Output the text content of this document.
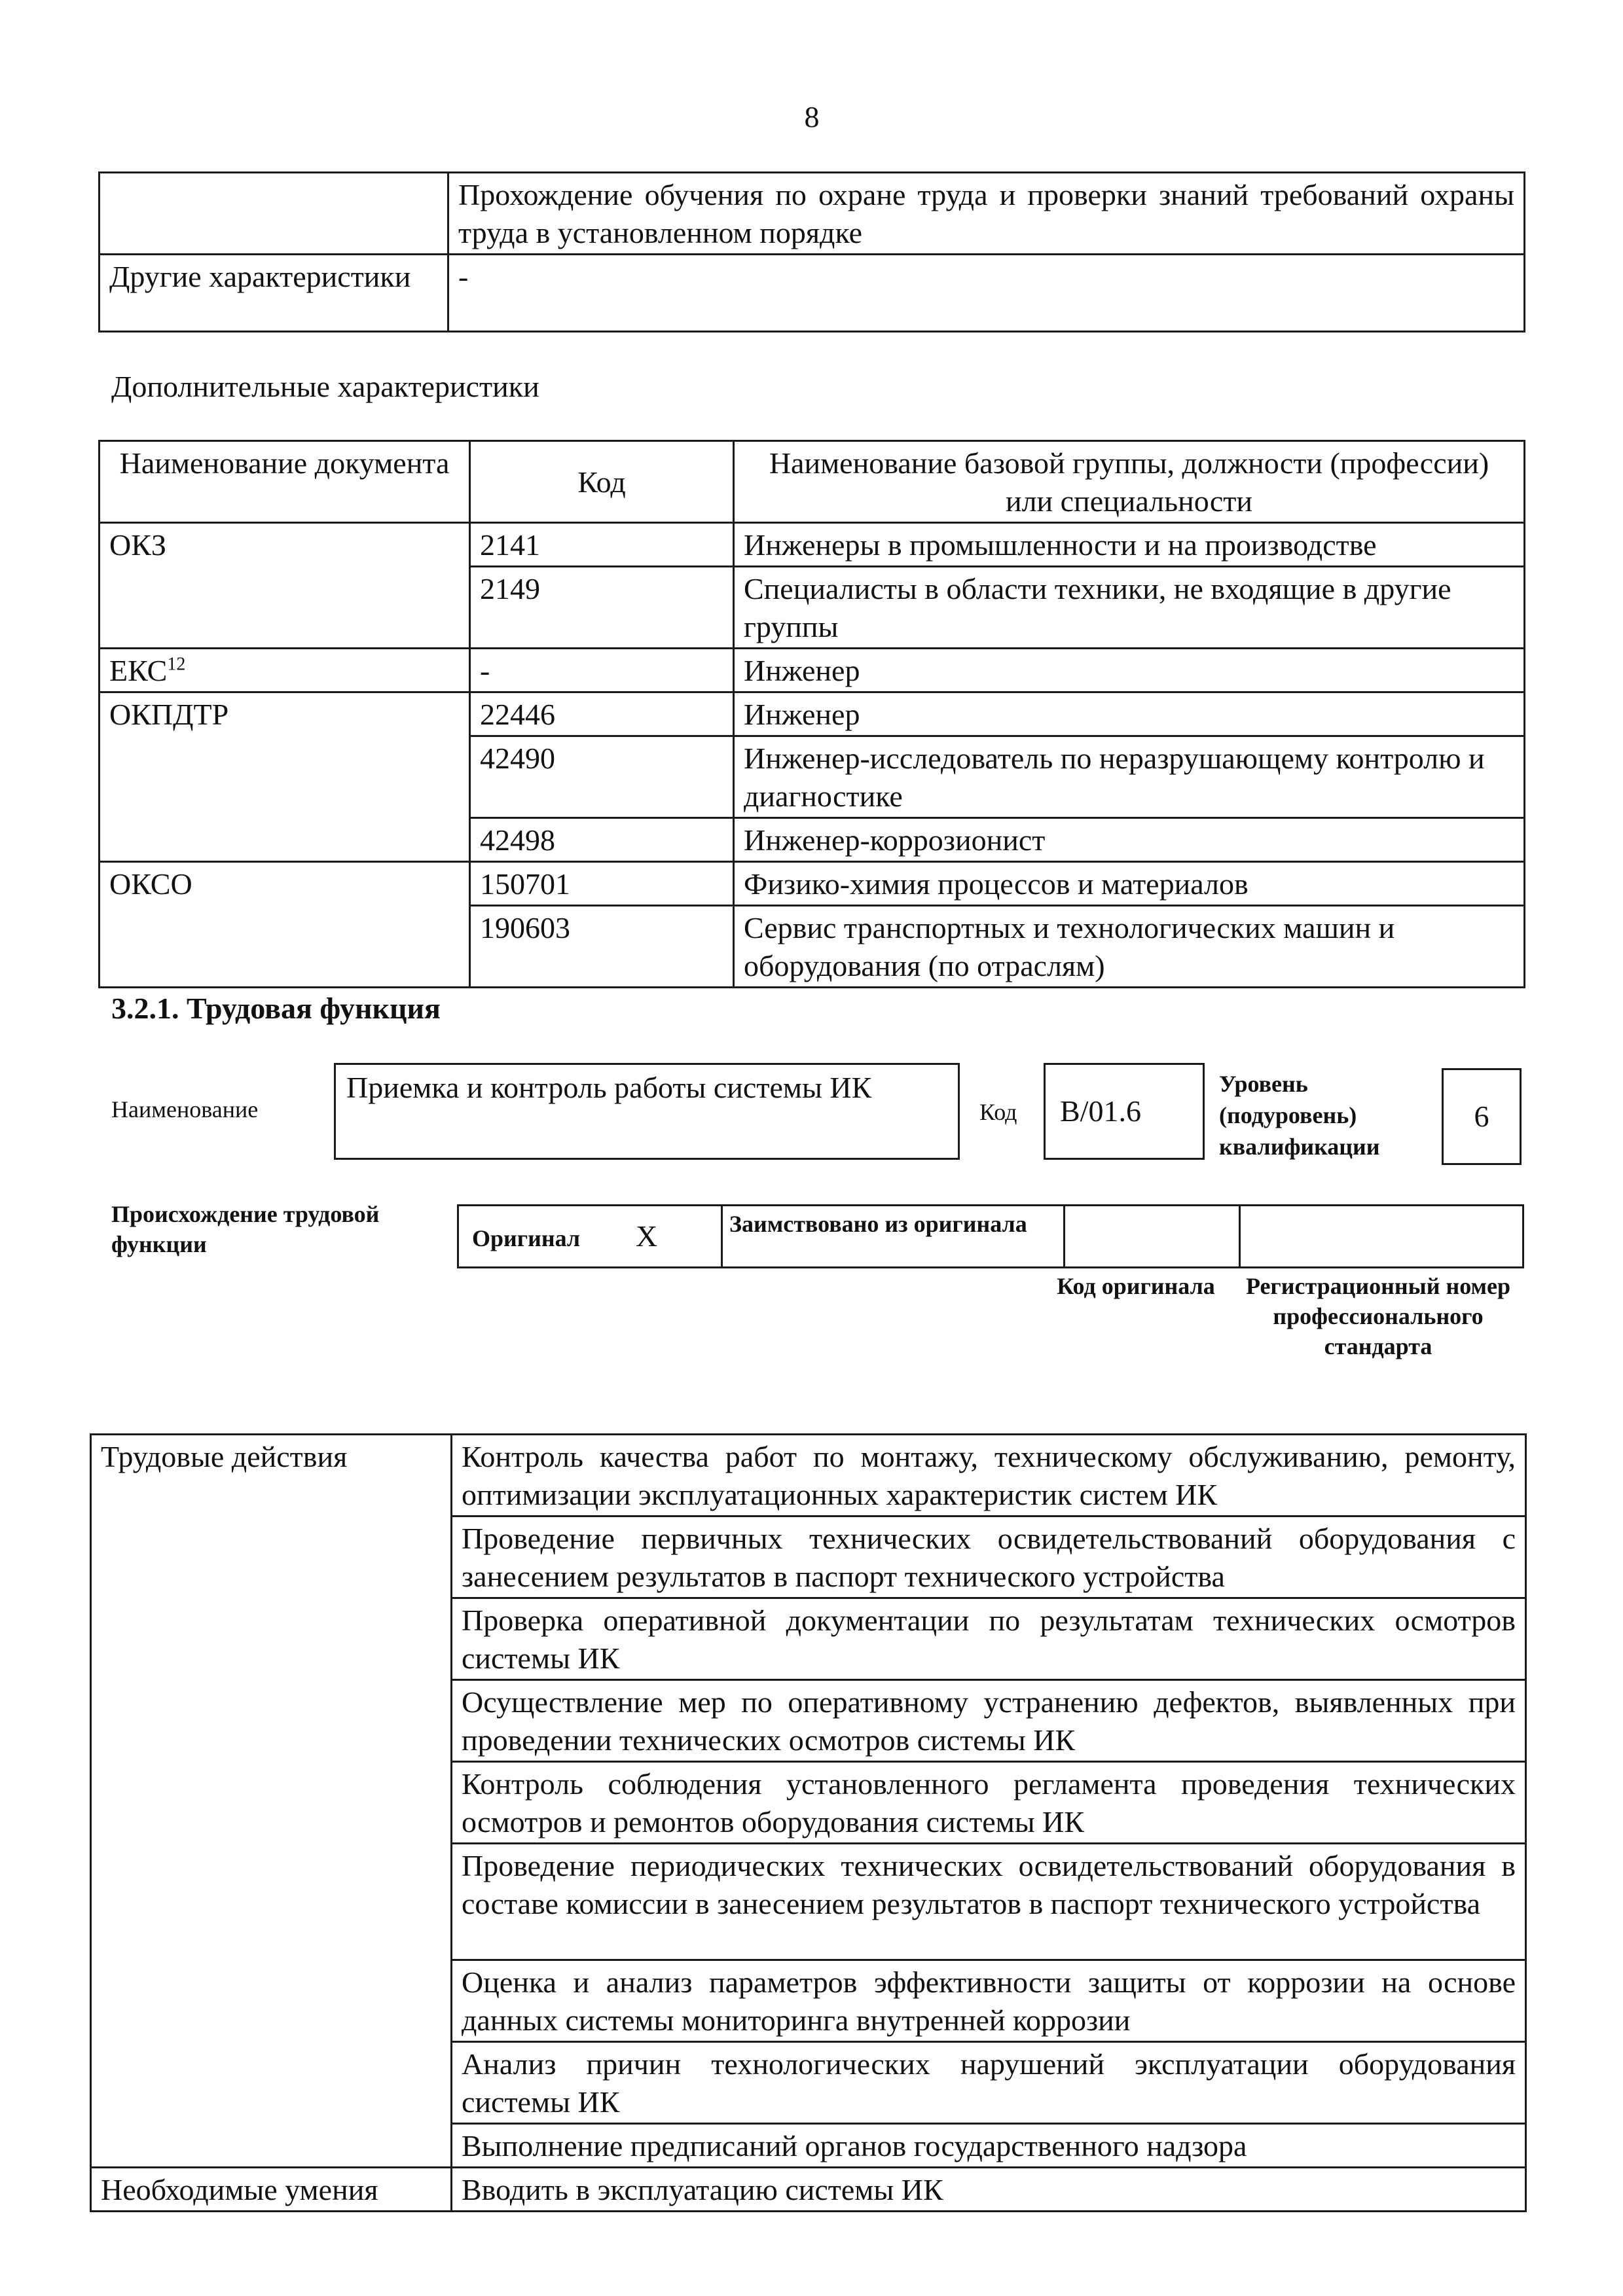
8
	Прохождение обучения по охране труда и проверки знаний требований охраны труда в установленном порядке
Другие характеристики	-
Дополнительные характеристики
Наименование документа	Код	Наименование базовой группы, должности (профессии) или специальности
ОКЗ	2141	Инженеры в промышленности и на производстве
	2149	Специалисты в области техники, не входящие в другие группы
ЕКС$^{12}$	-	Инженер
ОКПДТР	22446	Инженер
	42490	Инженер-исследователь по неразрушающему контролю и диагностике
	42498	Инженер-коррозионист
ОКСО	150701	Физико-химия процессов и материалов
	190603	Сервис транспортных и технологических машин и оборудования (по отраслям)
3.2.1. Трудовая функция
Наименование
Приемка и контроль работы системы ИК
Код В/01.6
Уровень (подуровень) квалификации
6
Происхождение трудовой функции	Оригинал X	Заимствовано из оригинала		
Код оригинала	Регистрационный номер профессионального стандарта
Трудовые действия	Контроль качества работ по монтажу, техническому обслуживанию, ремонту, оптимизации эксплуатационных характеристик систем ИК
	Проведение первичных технических освидетельствований оборудования с занесением результатов в паспорт технического устройства
	Проверка оперативной документации по результатам технических осмотров системы ИК
	Осуществление мер по оперативному устранению дефектов, выявленных при проведении технических осмотров системы ИК
	Контроль соблюдения установленного регламента проведения технических осмотров и ремонтов оборудования системы ИК
	Проведение периодических технических освидетельствований оборудования в составе комиссии в занесением результатов в паспорт технического устройства
	Оценка и анализ параметров эффективности защиты от коррозии на основе данных системы мониторинга внутренней коррозии
	Анализ причин технологических нарушений эксплуатации оборудования системы ИК
	Выполнение предписаний органов государственного надзора
Необходимые умения	Вводить в эксплуатацию системы ИК
